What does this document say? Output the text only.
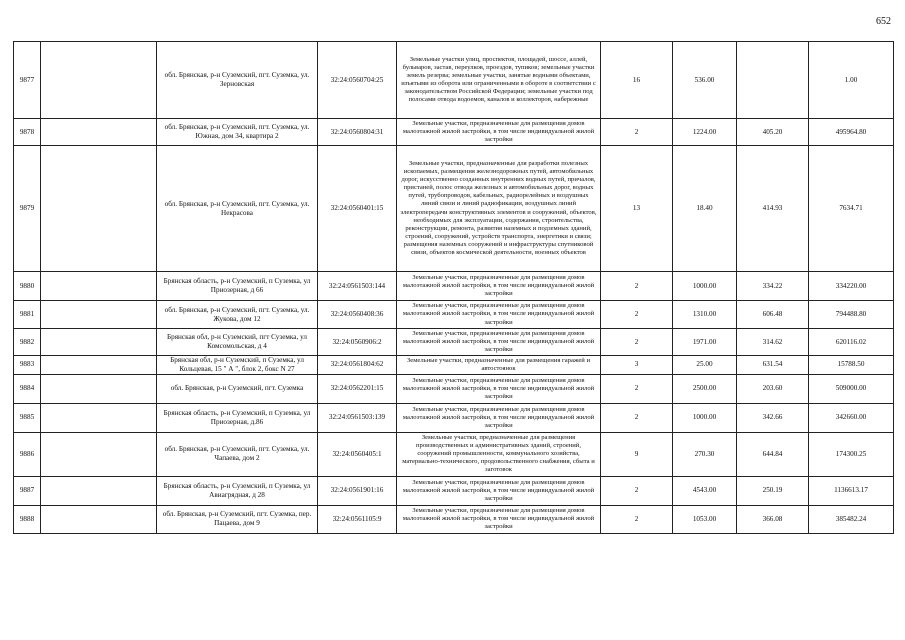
652
9877		обл. Брянская, р-н Суземский, пгт. Суземка, ул. Зерновская	32:24:0560704:25	Земельные участки улиц, проспектов, площадей, шоссе, аллей, бульваров, застав, переулков, проездов, тупиков; земельные участки земель резерва; земельные участки, занятые водными объектами, изъятыми из оборота или ограниченными в обороте в соответствии с законодательством Российской Федерации; земельные участки под полосами отвода водоемов, каналов и коллекторов, набережные	16	536.00		1.00
9878		обл. Брянская, р-н Суземский, пгт. Суземка, ул. Южная, дом 34, квартира 2	32:24:0560804:31	Земельные участки, предназначенные для размещения домов малоэтажной жилой застройки, в том числе индивидуальной жилой застройки	2	1224.00	405.20	495964.80
9879		обл. Брянская, р-н Суземский, пгт. Суземка, ул. Некрасова	32:24:0560401:15	Земельные участки, предназначенные для разработки полезных ископаемых, размещения железнодорожных путей, автомобильных дорог, искусственно созданных внутренних водных путей, причалов, пристаней, полос отвода железных и автомобильных дорог, водных путей, трубопроводов, кабельных, радиорелейных и воздушных линий связи и линий радиофикации, воздушных линий электропередачи конструктивных элементов и сооружений, объектов, необходимых для эксплуатации, содержания, строительства, реконструкции, ремонта, развития наземных и подземных зданий, строений, сооружений, устройств транспорта, энергетики и связи; размещения наземных сооружений и инфраструктуры спутниковой связи, объектов космической деятельности, военных объектов	13	18.40	414.93	7634.71
9880		Брянская область, р-н Суземский, п Суземка, ул Приозерная, д 66	32:24:0561503:144	Земельные участки, предназначенные для размещения домов малоэтажной жилой застройки, в том числе индивидуальной жилой застройки	2	1000.00	334.22	334220.00
9881		обл. Брянская, р-н Суземский, пгт. Суземка, ул. Жукова, дом 12	32:24:0560408:36	Земельные участки, предназначенные для размещения домов малоэтажной жилой застройки, в том числе индивидуальной жилой застройки	2	1310.00	606.48	794488.80
9882		Брянская обл, р-н Суземский, пгт Суземка, ул Комсомольская, д 4	32:24:0560906:2	Земельные участки, предназначенные для размещения домов малоэтажной жилой застройки, в том числе индивидуальной жилой застройки	2	1971.00	314.62	620116.02
9883		Брянская обл, р-н Суземский, п Суземка, ул Кольцевая, 15 " А ", блок 2, бокс N 27	32:24:0561804:62	Земельные участки, предназначенные для размещения гаражей и автостоянок	3	25.00	631.54	15788.50
9884		обл. Брянская, р-н Суземский, пгт. Суземка	32:24:0562201:15	Земельные участки, предназначенные для размещения домов малоэтажной жилой застройки, в том числе индивидуальной жилой застройки	2	2500.00	203.60	509000.00
9885		Брянская область, р-н Суземский, п Суземка, ул Приозерная, д.86	32:24:0561503:139	Земельные участки, предназначенные для размещения домов малоэтажной жилой застройки, в том числе индивидуальной жилой застройки	2	1000.00	342.66	342660.00
9886		обл. Брянская, р-н Суземский, пгт. Суземка, ул. Чапаева, дом 2	32:24:0560405:1	Земельные участки, предназначенные для размещения производственных и административных зданий, строений, сооружений промышленности, коммунального хозяйства, материально-технического, продовольственного снабжения, сбыта и заготовок	9	270.30	644.84	174300.25
9887		Брянская область, р-н Суземский, п Суземка, ул Авиагрядная, д 28	32:24:0561901:16	Земельные участки, предназначенные для размещения домов малоэтажной жилой застройки, в том числе индивидуальной жилой застройки	2	4543.00	250.19	1136613.17
9888		обл. Брянская, р-н Суземский, пгт. Суземка, пер. Пацаева, дом 9	32:24:0561105:9	Земельные участки, предназначенные для размещения домов малоэтажной жилой застройки, в том числе индивидуальной жилой застройки	2	1053.00	366.08	385482.24
